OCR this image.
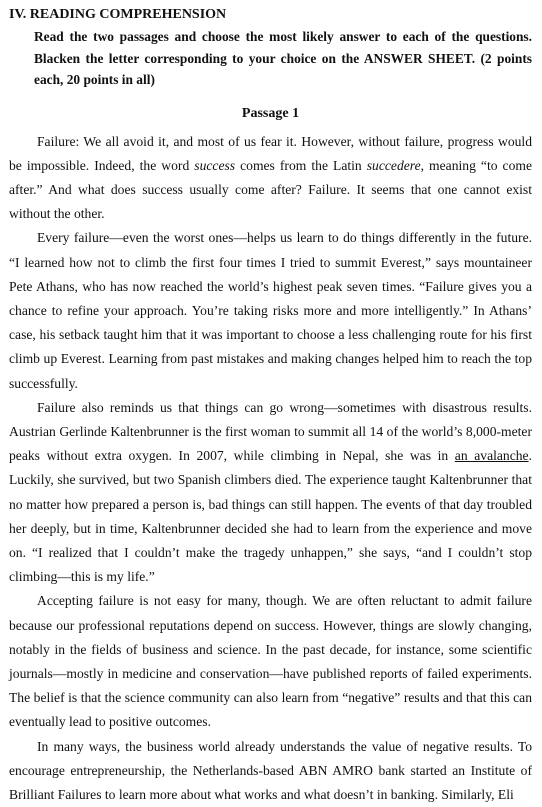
IV. READING COMPREHENSION

Read the two passages and choose the most likely answer to each of the questions. Blacken the letter corresponding to your choice on the ANSWER SHEET. (2 points each, 20 points in all)

Passage 1

Failure: We all avoid it, and most of us fear it. However, without failure, progress would be impossible. Indeed, the word success comes from the Latin succedere, meaning “to come after.” And what does success usually come after? Failure. It seems that one cannot exist without the other.

Every failure—even the worst ones—helps us learn to do things differently in the future. “I learned how not to climb the first four times I tried to summit Everest,” says mountaineer Pete Athans, who has now reached the world’s highest peak seven times. “Failure gives you a chance to refine your approach. You’re taking risks more and more intelligently.” In Athans’ case, his setback taught him that it was important to choose a less challenging route for his first climb up Everest. Learning from past mistakes and making changes helped him to reach the top successfully.

Failure also reminds us that things can go wrong—sometimes with disastrous results. Austrian Gerlinde Kaltenbrunner is the first woman to summit all 14 of the world’s 8,000-meter peaks without extra oxygen. In 2007, while climbing in Nepal, she was in an avalanche. Luckily, she survived, but two Spanish climbers died. The experience taught Kaltenbrunner that no matter how prepared a person is, bad things can still happen. The events of that day troubled her deeply, but in time, Kaltenbrunner decided she had to learn from the experience and move on. “I realized that I couldn’t make the tragedy unhappen,” she says, “and I couldn’t stop climbing—this is my life.”

Accepting failure is not easy for many, though. We are often reluctant to admit failure because our professional reputations depend on success. However, things are slowly changing, notably in the fields of business and science. In the past decade, for instance, some scientific journals—mostly in medicine and conservation—have published reports of failed experiments. The belief is that the science community can also learn from “negative” results and that this can eventually lead to positive outcomes.

In many ways, the business world already understands the value of negative results. To encourage entrepreneurship, the Netherlands-based ABN AMRO bank started an Institute of Brilliant Failures to learn more about what works and what doesn’t in banking. Similarly, Eli
